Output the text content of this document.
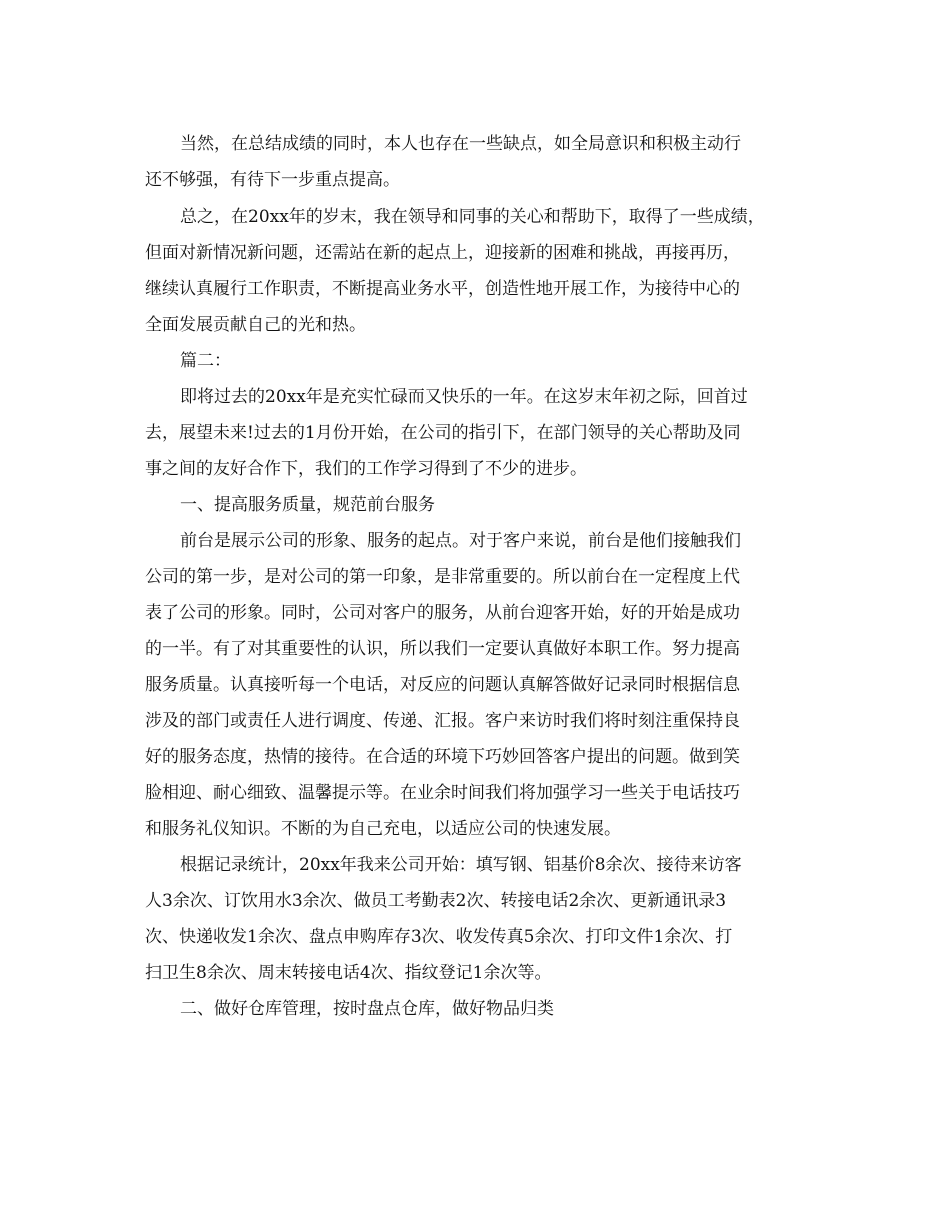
当然，在总结成绩的同时，本人也存在一些缺点，如全局意识和积极主动行
还不够强，有待下一步重点提高。
总之，在20xx年的岁末，我在领导和同事的关心和帮助下，取得了一些成绩，
但面对新情况新问题，还需站在新的起点上，迎接新的困难和挑战，再接再历，
继续认真履行工作职责，不断提高业务水平，创造性地开展工作，为接待中心的
全面发展贡献自己的光和热。
篇二：
即将过去的20xx年是充实忙碌而又快乐的一年。在这岁末年初之际，回首过
去，展望未来!过去的1月份开始，在公司的指引下，在部门领导的关心帮助及同
事之间的友好合作下，我们的工作学习得到了不少的进步。
一、提高服务质量，规范前台服务
前台是展示公司的形象、服务的起点。对于客户来说，前台是他们接触我们
公司的第一步，是对公司的第一印象，是非常重要的。所以前台在一定程度上代
表了公司的形象。同时，公司对客户的服务，从前台迎客开始，好的开始是成功
的一半。有了对其重要性的认识，所以我们一定要认真做好本职工作。努力提高
服务质量。认真接听每一个电话，对反应的问题认真解答做好记录同时根据信息
涉及的部门或责任人进行调度、传递、汇报。客户来访时我们将时刻注重保持良
好的服务态度，热情的接待。在合适的环境下巧妙回答客户提出的问题。做到笑
脸相迎、耐心细致、温馨提示等。在业余时间我们将加强学习一些关于电话技巧
和服务礼仪知识。不断的为自己充电，以适应公司的快速发展。
根据记录统计，20xx年我来公司开始：填写钢、铝基价8余次、接待来访客
人3余次、订饮用水3余次、做员工考勤表2次、转接电话2余次、更新通讯录3
次、快递收发1余次、盘点申购库存3次、收发传真5余次、打印文件1余次、打
扫卫生8余次、周末转接电话4次、指纹登记1余次等。
二、做好仓库管理，按时盘点仓库，做好物品归类
